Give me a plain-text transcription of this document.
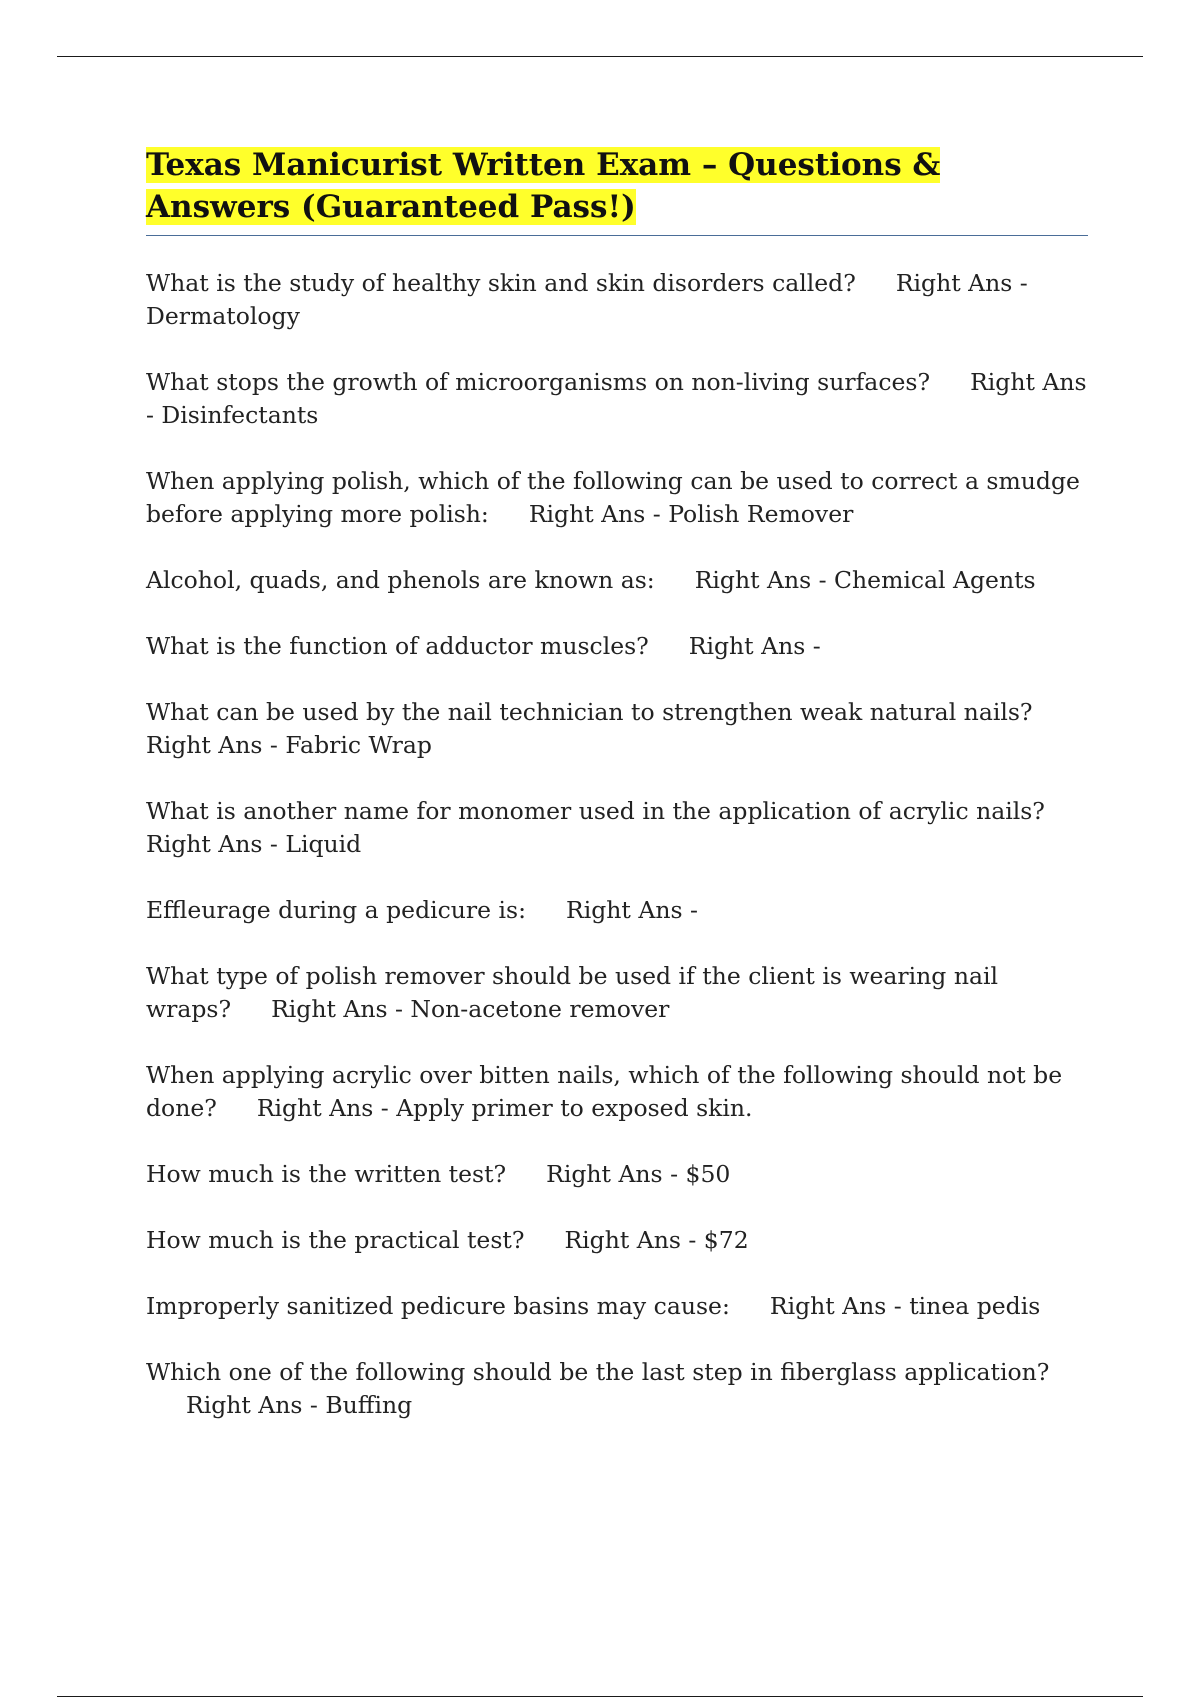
Texas Manicurist Written Exam – Questions & Answers (Guaranteed Pass!)

What is the study of healthy skin and skin disorders called? Right Ans - Dermatology

What stops the growth of microorganisms on non-living surfaces? Right Ans - Disinfectants

When applying polish, which of the following can be used to correct a smudge before applying more polish: Right Ans - Polish Remover

Alcohol, quads, and phenols are known as: Right Ans - Chemical Agents

What is the function of adductor muscles? Right Ans -

What can be used by the nail technician to strengthen weak natural nails?Right Ans - Fabric Wrap

What is another name for monomer used in the application of acrylic nails?Right Ans - Liquid

Effleurage during a pedicure is: Right Ans -

What type of polish remover should be used if the client is wearing nail wraps? Right Ans - Non-acetone remover

When applying acrylic over bitten nails, which of the following should not be done? Right Ans - Apply primer to exposed skin.

How much is the written test? Right Ans - $50

How much is the practical test? Right Ans - $72

Improperly sanitized pedicure basins may cause: Right Ans - tinea pedis

Which one of the following should be the last step in fiberglass application?Right Ans - Buffing
